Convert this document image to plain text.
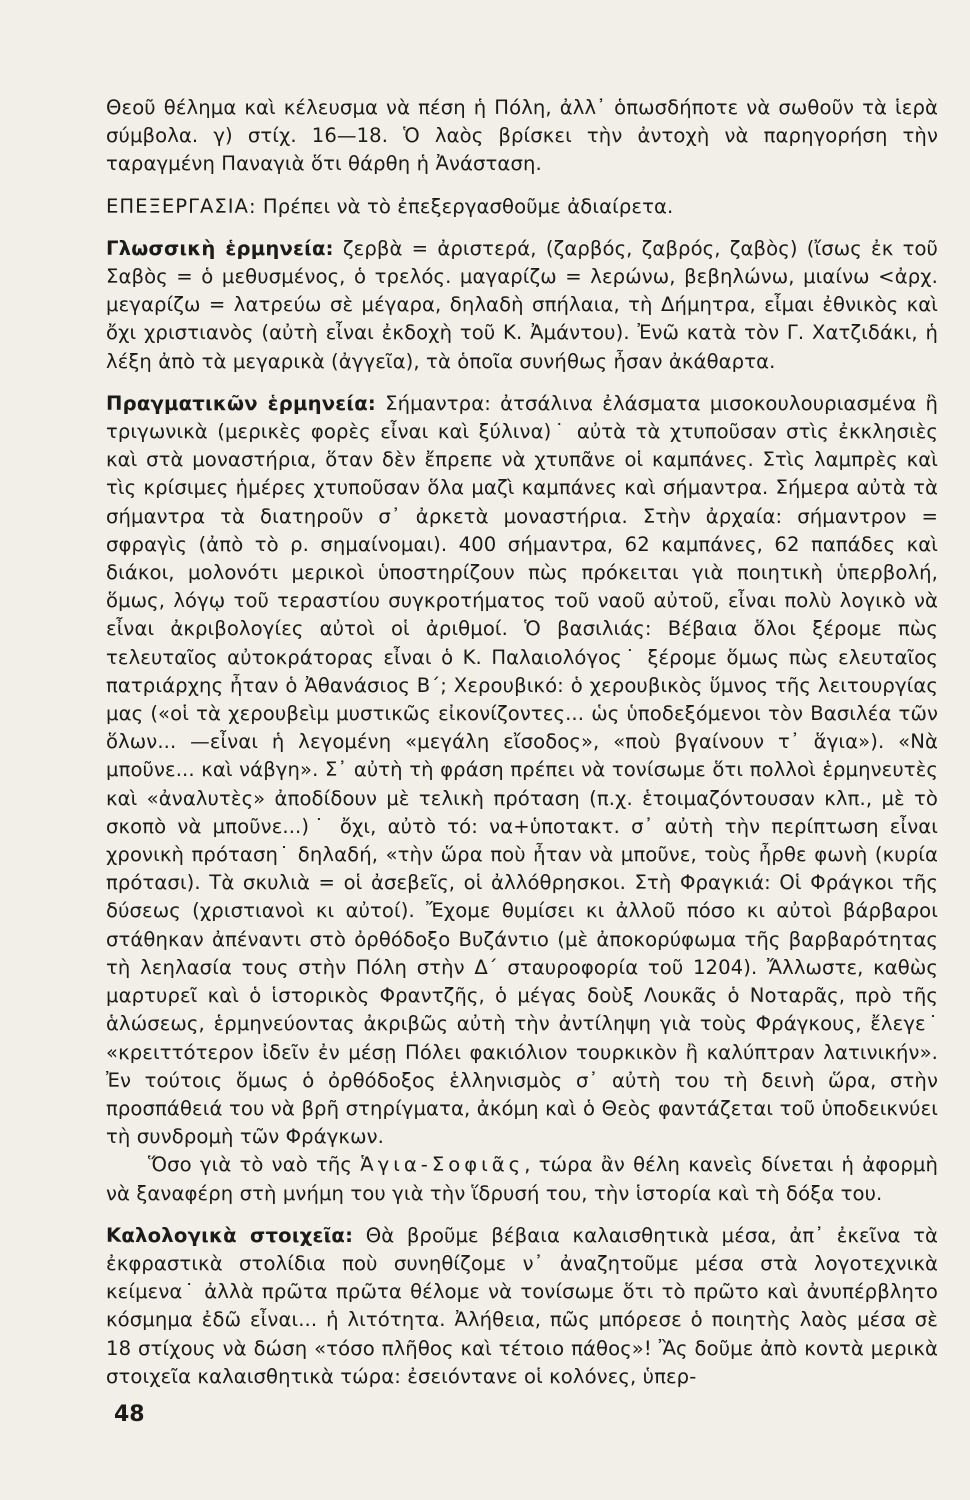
Θεοῦ θέλημα καὶ κέλευσμα νὰ πέση ἡ Πόλη, ἀλλ᾽ ὁπωσδήποτε νὰ σωθοῦν τὰ ἱερὰ σύμβολα. γ) στίχ. 16—18. Ὁ λαὸς βρίσκει τὴν ἀντοχὴ νὰ παρηγορήση τὴν ταραγμένη Παναγιὰ ὅτι θάρθη ἡ Ἀνάσταση.

ΕΠΕΞΕΡΓΑΣΙΑ: Πρέπει νὰ τὸ ἐπεξεργασθοῦμε ἀδιαίρετα.

Γλωσσικὴ ἑρμηνεία: ζερβὰ = ἀριστερά, (ζαρβός, ζαβρός, ζαβὸς) (ἴσως ἐκ τοῦ Σαβὸς = ὁ μεθυσμένος, ὁ τρελός. μαγαρίζω = λερώνω, βεβηλώνω, μιαίνω <ἀρχ. μεγαρίζω = λατρεύω σὲ μέγαρα, δηλαδὴ σπήλαια, τὴ Δήμητρα, εἶμαι ἐθνικὸς καὶ ὄχι χριστιανὸς (αὐτὴ εἶναι ἐκδοχὴ τοῦ Κ. Ἀμάντου). Ἐνῶ κατὰ τὸν Γ. Χατζιδάκι, ἡ λέξη ἀπὸ τὰ μεγαρικὰ (ἀγγεῖα), τὰ ὁποῖα συνήθως ἦσαν ἀκάθαρτα.

Πραγματικῶν ἑρμηνεία: Σήμαντρα: ἀτσάλινα ἐλάσματα μισοκουλουριασμένα ἢ τριγωνικὰ (μερικὲς φορὲς εἶναι καὶ ξύλινα)˙ αὐτὰ τὰ χτυποῦσαν στὶς ἐκκλησιὲς καὶ στὰ μοναστήρια, ὅταν δὲν ἔπρεπε νὰ χτυπᾶνε οἱ καμπάνες. Στὶς λαμπρὲς καὶ τὶς κρίσιμες ἡμέρες χτυποῦσαν ὅλα μαζὶ καμπάνες καὶ σήμαντρα. Σήμερα αὐτὰ τὰ σήμαντρα τὰ διατηροῦν σ᾽ ἀρκετὰ μοναστήρια. Στὴν ἀρχαία: σήμαντρον = σφραγὶς (ἀπὸ τὸ ρ. σημαίνομαι). 400 σήμαντρα, 62 καμπάνες, 62 παπάδες καὶ διάκοι, μολονότι μερικοὶ ὑποστηρίζουν πὼς πρόκειται γιὰ ποιητικὴ ὑπερβολή, ὅμως, λόγῳ τοῦ τεραστίου συγκροτήματος τοῦ ναοῦ αὐτοῦ, εἶναι πολὺ λογικὸ νὰ εἶναι ἀκριβολογίες αὐτοὶ οἱ ἀριθμοί. Ὁ βασιλιάς: Βέβαια ὅλοι ξέρομε πὼς τελευταῖος αὐτοκράτορας εἶναι ὁ Κ. Παλαιολόγος˙ ξέρομε ὅμως πὼς ελευταῖος πατριάρχης ἦταν ὁ Ἀθανάσιος Β΄; Χερουβικό: ὁ χερουβικὸς ὕμνος τῆς λειτουργίας μας («οἱ τὰ χερουβεὶμ μυστικῶς εἰκονίζοντες... ὡς ὑποδεξόμενοι τὸν Βασιλέα τῶν ὅλων... —εἶναι ἡ λεγομένη «μεγάλη εἴσοδος», «ποὺ βγαίνουν τ᾽ ἅγια»). «Νὰ μποῦνε... καὶ νάβγη». Σ᾽ αὐτὴ τὴ φράση πρέπει νὰ τονίσωμε ὅτι πολλοὶ ἑρμηνευτὲς καὶ «ἀναλυτὲς» ἀποδίδουν μὲ τελικὴ πρόταση (π.χ. ἑτοιμαζόντουσαν κλπ., μὲ τὸ σκοπὸ νὰ μποῦνε...)˙ ὄχι, αὐτὸ τό: να+ὑποτακτ. σ᾽ αὐτὴ τὴν περίπτωση εἶναι χρονικὴ πρόταση˙ δηλαδή, «τὴν ὥρα ποὺ ἦταν νὰ μποῦνε, τοὺς ἦρθε φωνὴ (κυρία πρότασι). Τὰ σκυλιὰ = οἱ ἀσεβεῖς, οἱ ἀλλόθρησκοι. Στὴ Φραγκιά: Οἱ Φράγκοι τῆς δύσεως (χριστιανοὶ κι αὐτοί). Ἔχομε θυμίσει κι ἀλλοῦ πόσο κι αὐτοὶ βάρβαροι στάθηκαν ἀπέναντι στὸ ὀρθόδοξο Βυζάντιο (μὲ ἀποκορύφωμα τῆς βαρβαρότητας τὴ λεηλασία τους στὴν Πόλη στὴν Δ΄ σταυροφορία τοῦ 1204). Ἄλλωστε, καθὼς μαρτυρεῖ καὶ ὁ ἱστορικὸς Φραντζῆς, ὁ μέγας δοὺξ Λουκᾶς ὁ Νοταρᾶς, πρὸ τῆς ἁλώσεως, ἑρμηνεύοντας ἀκριβῶς αὐτὴ τὴν ἀντίληψη γιὰ τοὺς Φράγκους, ἔλεγε˙ «κρειττότερον ἰδεῖν ἐν μέσῃ Πόλει φακιόλιον τουρκικὸν ἢ καλύπτραν λατινικήν». Ἐν τούτοις ὅμως ὁ ὀρθόδοξος ἑλληνισμὸς σ᾽ αὐτὴ του τὴ δεινὴ ὥρα, στὴν προσπάθειά του νὰ βρῆ στηρίγματα, ἀκόμη καὶ ὁ Θεὸς φαντάζεται τοῦ ὑποδεικνύει τὴ συνδρομὴ τῶν Φράγκων.

Ὅσο γιὰ τὸ ναὸ τῆς Ἁγια-Σοφιᾶς, τώρα ἂν θέλη κανεὶς δίνεται ἡ ἀφορμὴ νὰ ξαναφέρη στὴ μνήμη του γιὰ τὴν ἵδρυσή του, τὴν ἱστορία καὶ τὴ δόξα του.

Καλολογικὰ στοιχεῖα: Θὰ βροῦμε βέβαια καλαισθητικὰ μέσα, ἀπ᾽ ἐκεῖνα τὰ ἐκφραστικὰ στολίδια ποὺ συνηθίζομε ν᾽ ἀναζητοῦμε μέσα στὰ λογοτεχνικὰ κείμενα˙ ἀλλὰ πρῶτα πρῶτα θέλομε νὰ τονίσωμε ὅτι τὸ πρῶτο καὶ ἀνυπέρβλητο κόσμημα ἐδῶ εἶναι... ἡ λιτότητα. Ἀλήθεια, πῶς μπόρεσε ὁ ποιητὴς λαὸς μέσα σὲ 18 στίχους νὰ δώση «τόσο πλῆθος καὶ τέτοιο πάθος»! Ἂς δοῦμε ἀπὸ κοντὰ μερικὰ στοιχεῖα καλαισθητικὰ τώρα: ἐσειόντανε οἱ κολόνες, ὑπερ-

48
